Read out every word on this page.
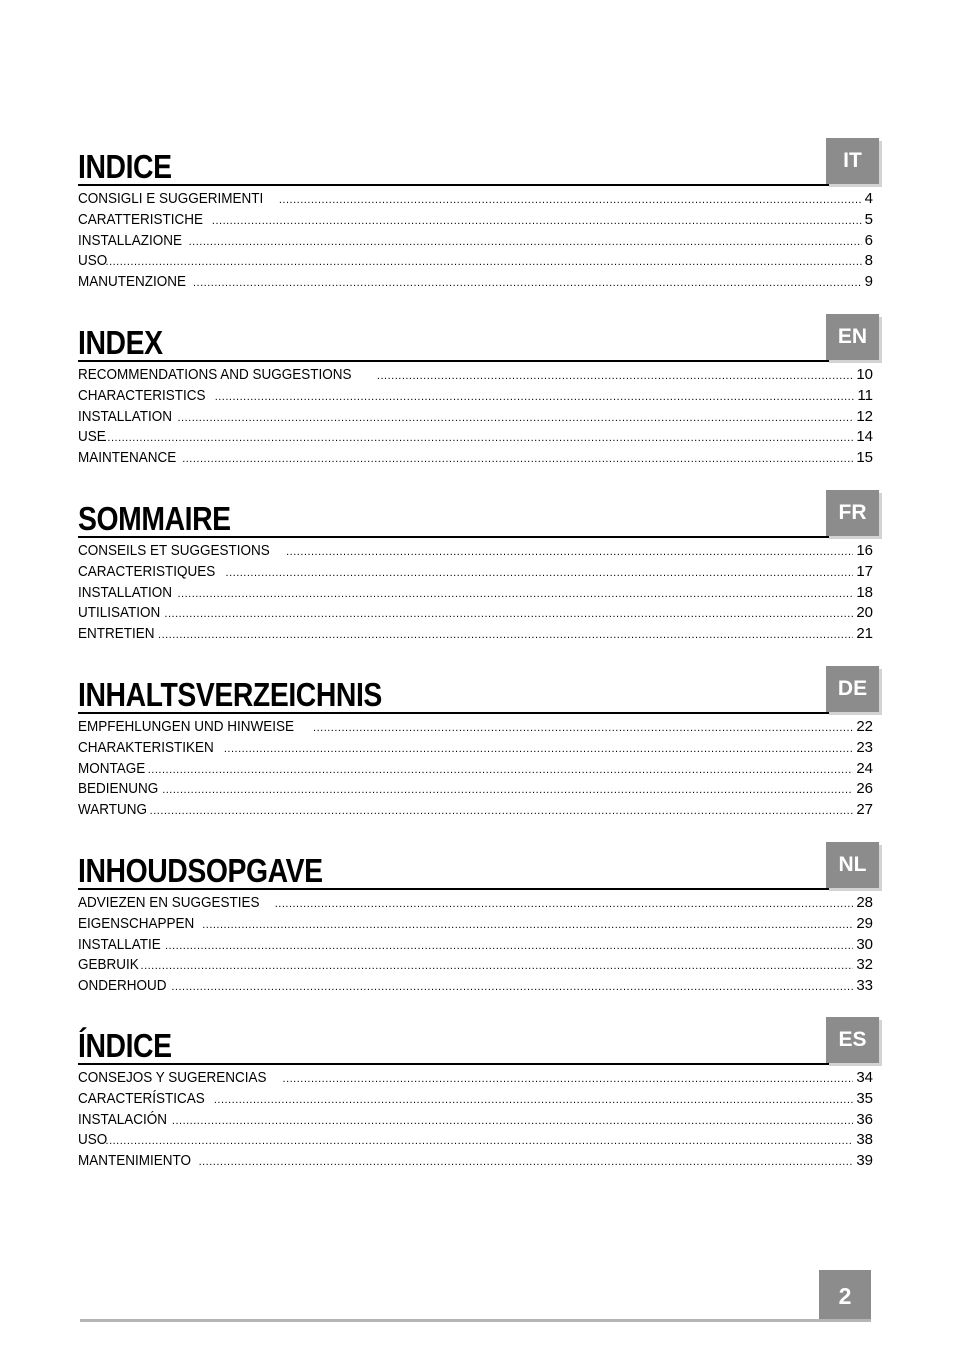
INDICE	IT
CONSIGLI E SUGGERIMENTI .....	4
CARATTERISTICHE .....	5
INSTALLAZIONE .....	6
USO .....	8
MANUTENZIONE .....	9
INDEX	EN
RECOMMENDATIONS AND SUGGESTIONS .....	10
CHARACTERISTICS .....	11
INSTALLATION .....	12
USE .....	14
MAINTENANCE .....	15
SOMMAIRE	FR
CONSEILS ET SUGGESTIONS .....	16
CARACTERISTIQUES .....	17
INSTALLATION .....	18
UTILISATION .....	20
ENTRETIEN .....	21
INHALTSVERZEICHNIS	DE
EMPFEHLUNGEN UND HINWEISE .....	22
CHARAKTERISTIKEN .....	23
MONTAGE .....	24
BEDIENUNG .....	26
WARTUNG .....	27
INHOUDSOPGAVE	NL
ADVIEZEN EN SUGGESTIES .....	28
EIGENSCHAPPEN .....	29
INSTALLATIE .....	30
GEBRUIK .....	32
ONDERHOUD .....	33
ÍNDICE	ES
CONSEJOS Y SUGERENCIAS .....	34
CARACTERÍSTICAS .....	35
INSTALACIÓN .....	36
USO .....	38
MANTENIMIENTO .....	39
2
